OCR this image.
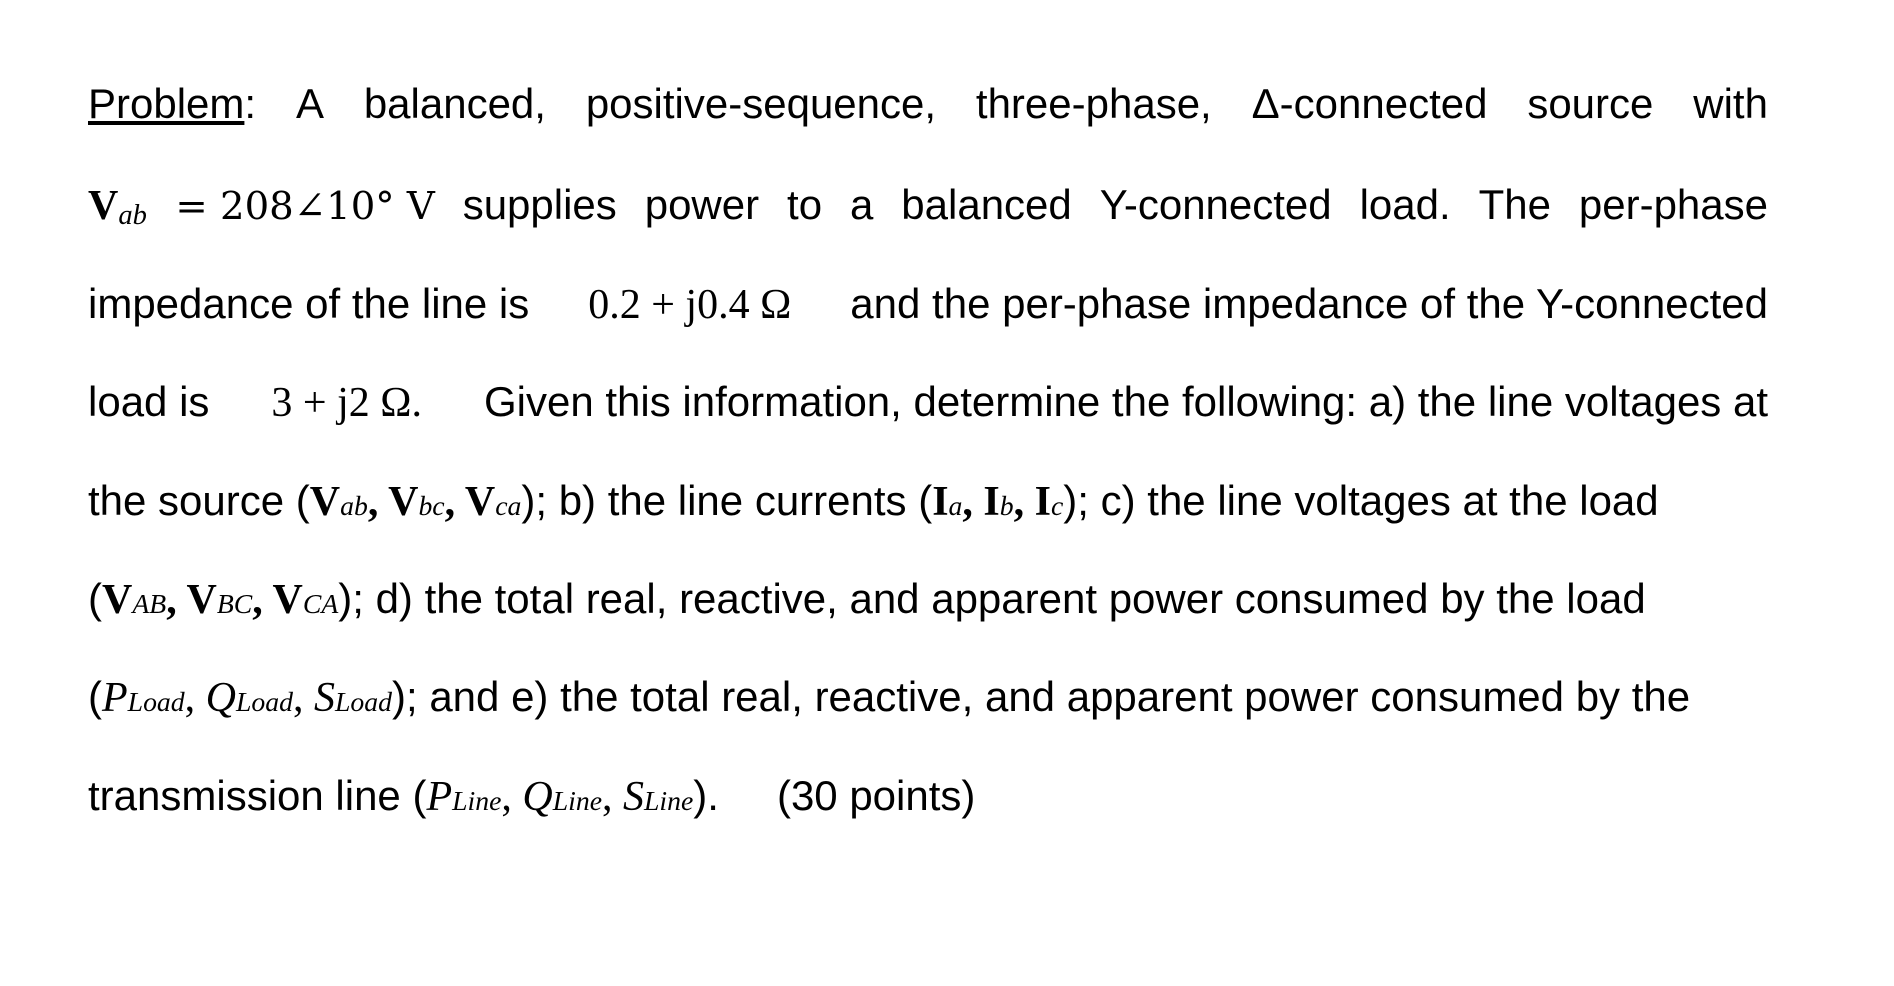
Problem: A balanced, positive-sequence, three-phase, Δ-connected source with
Vab = 208∠10° V supplies power to a balanced Y-connected load. The per-phase
impedance of the line is 0.2 + j0.4 Ω and the per-phase impedance of the Y-connected
load is 3 + j2 Ω. Given this information, determine the following: a) the line voltages at
the source (Vab, Vbc, Vca); b) the line currents (Ia, Ib, Ic); c) the line voltages at the load
(VAB, VBC, VCA); d) the total real, reactive, and apparent power consumed by the load
(PLoad, QLoad, SLoad); and e) the total real, reactive, and apparent power consumed by the
transmission line (PLine, QLine, SLine). (30 points)
